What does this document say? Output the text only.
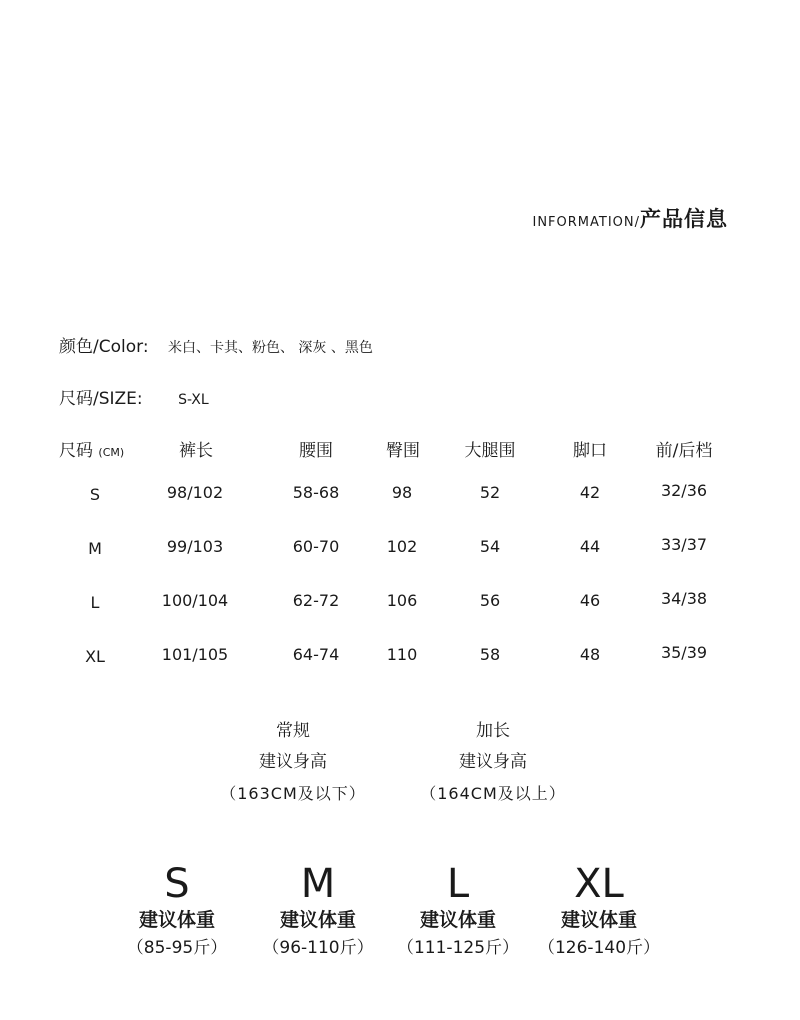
INFORMATION/ 产品信息
颜色/Color: 米白、卡其、粉色、 深灰 、黑色
尺码/SIZE:	S-XL
尺码 (CM)	裤长	腰围	臀围	大腿围	脚口	前/后档
S	98/102	58-68	98	52	42	32/36
M	99/103	60-70	102	54	44	33/37
L	100/104	62-72	106	56	46	34/38
XL	101/105	64-74	110	58	48	35/39
常规
建议身高
（163CM及以下）
加长
建议身高
（164CM及以上）
S
建议体重
（85-95斤）
M
建议体重
（96-110斤）
L
建议体重
（111-125斤）
XL
建议体重
（126-140斤）
